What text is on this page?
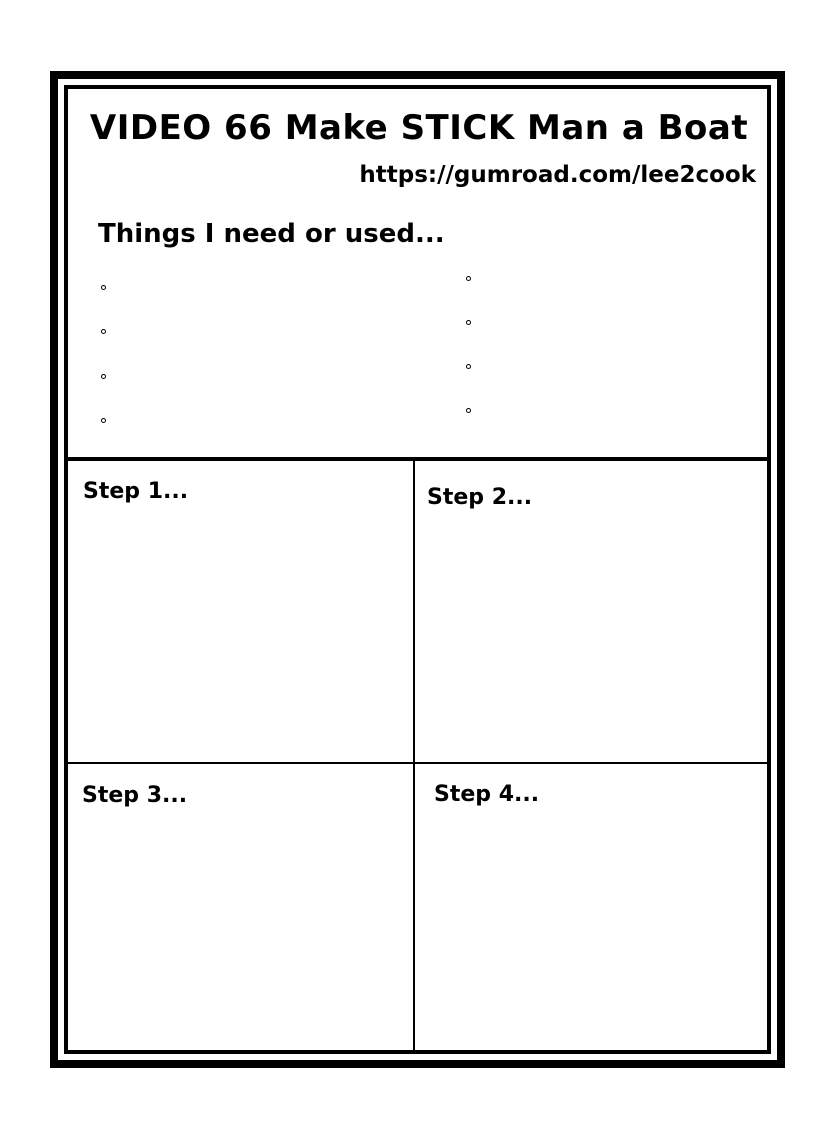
VIDEO 66 Make STICK Man a Boat
https://gumroad.com/lee2cook
Things I need or used...
Step 1...	Step 2...
Step 3...	Step 4...
